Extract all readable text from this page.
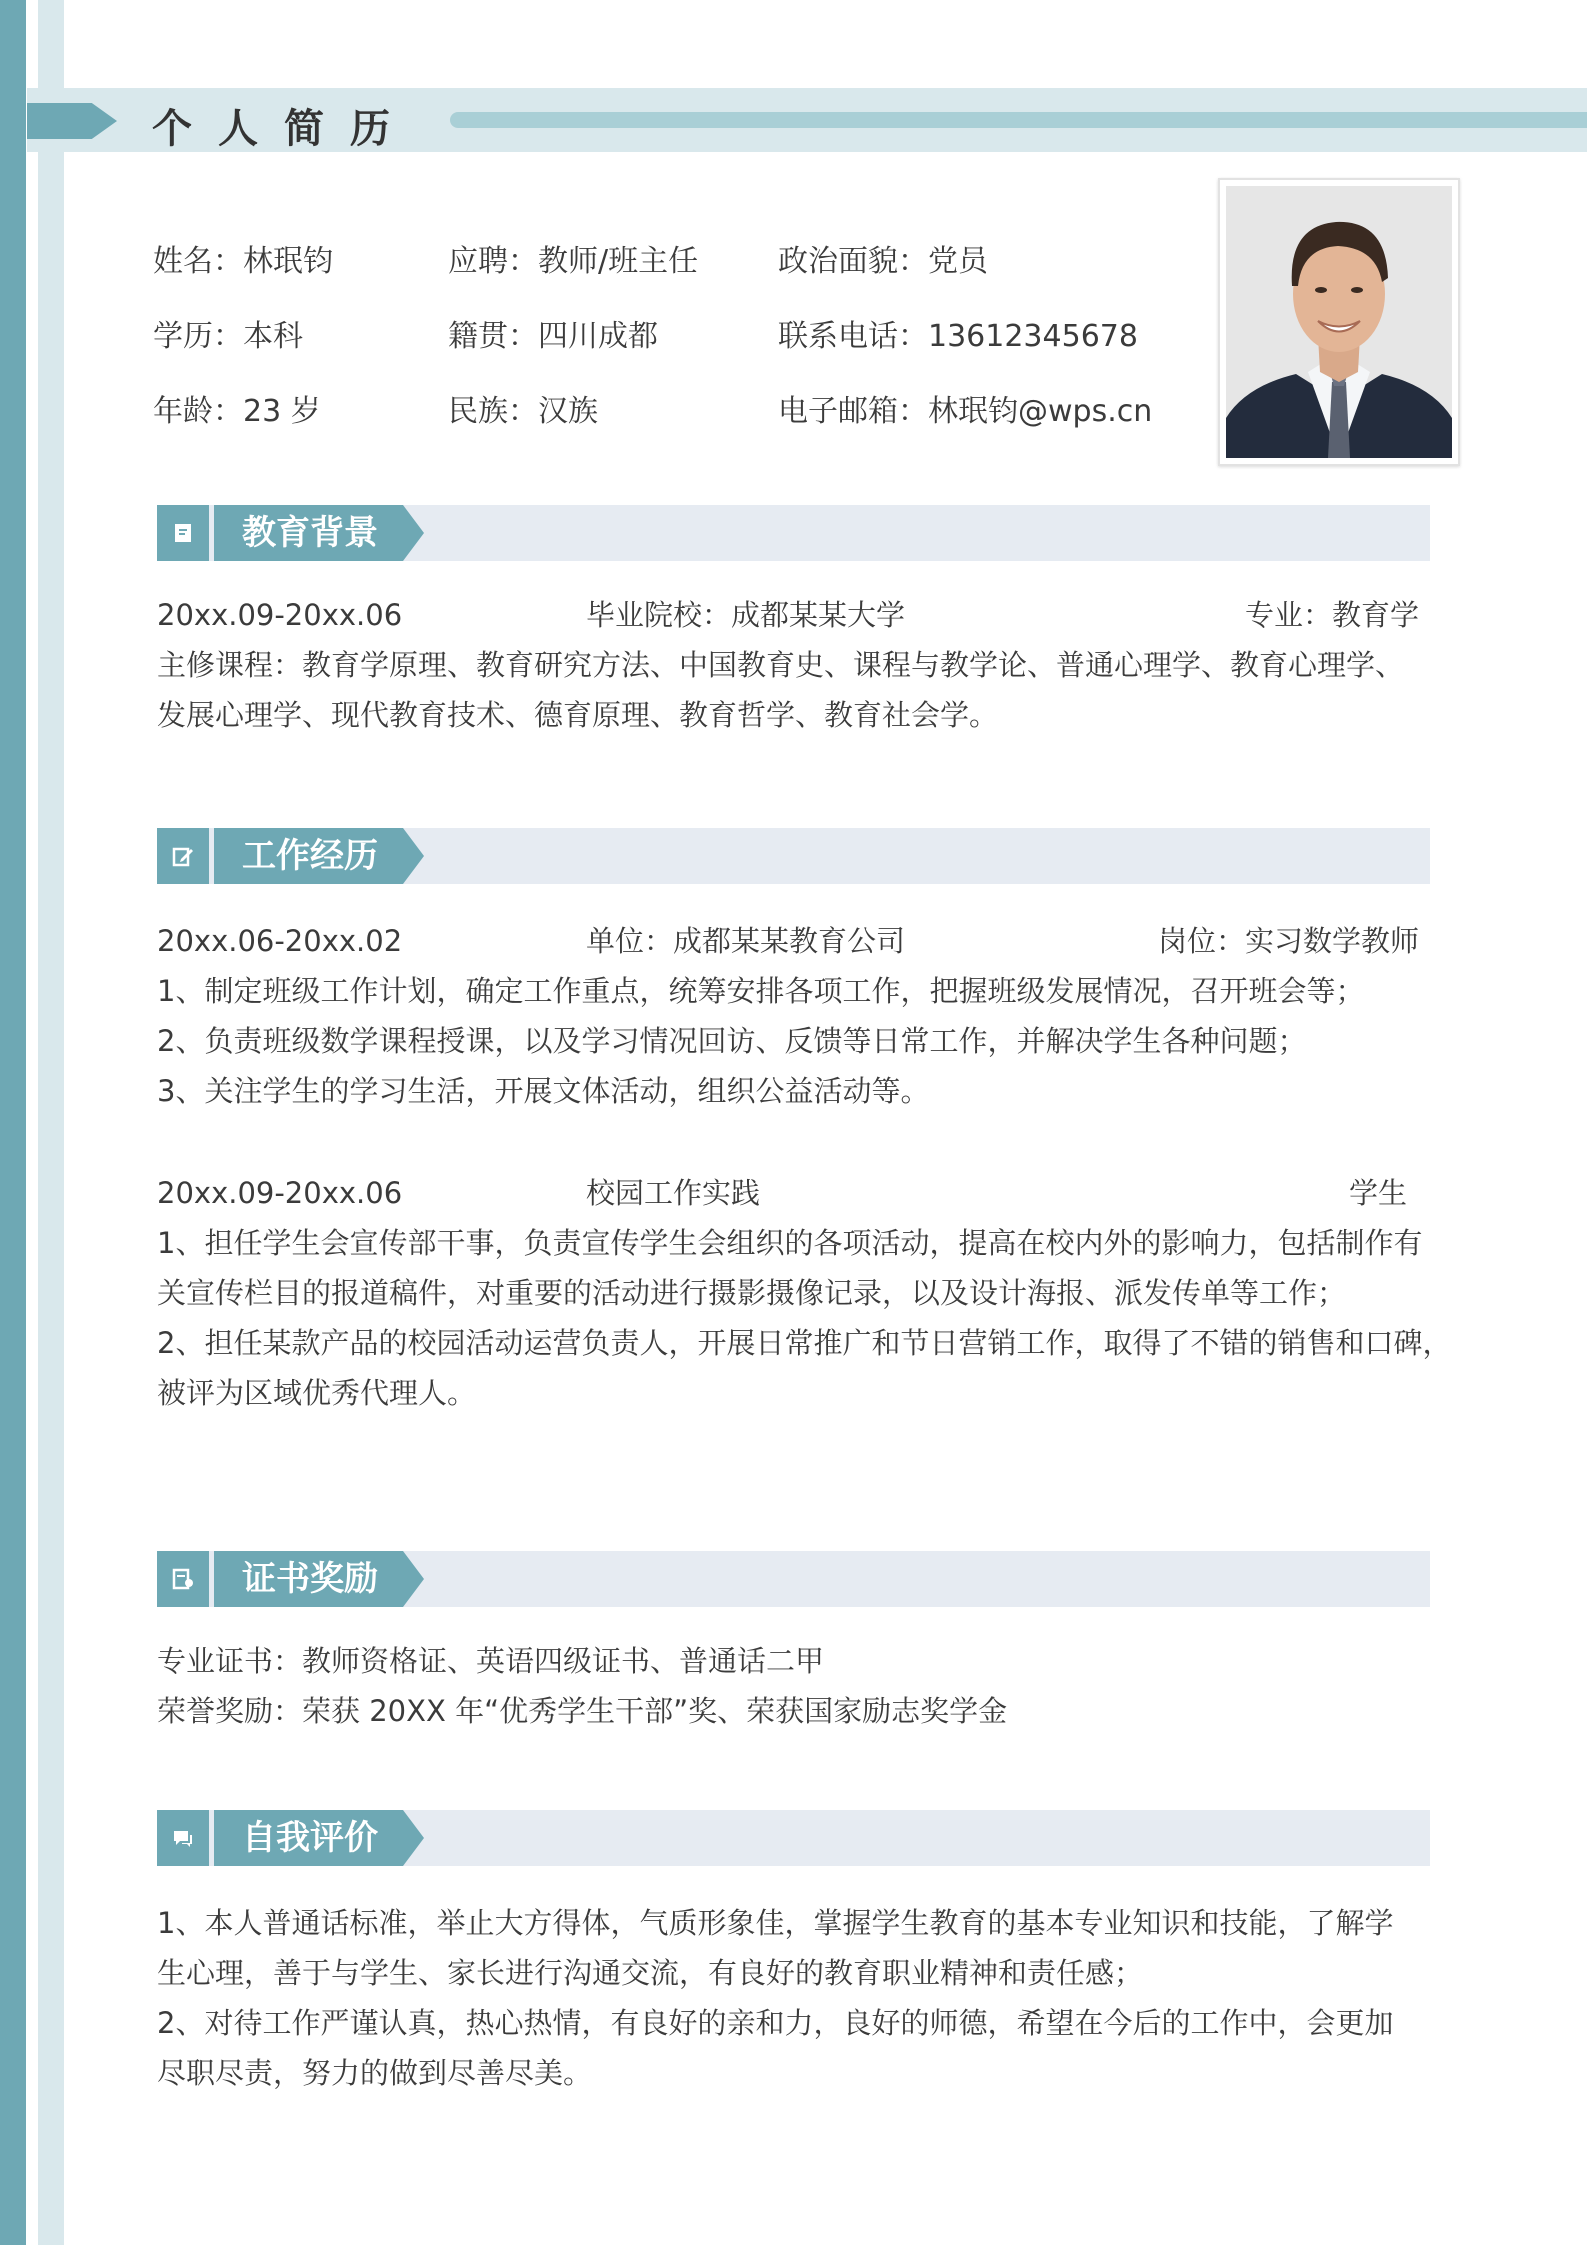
个人简历
姓名：林珉钧	应聘：教师/班主任	政治面貌：党员
学历：本科	籍贯：四川成都	联系电话：13612345678
年龄：23 岁	民族：汉族	电子邮箱：林珉钧@wps.cn
教育背景
20xx.09-20xx.06	毕业院校：成都某某大学	专业：教育学
主修课程：教育学原理、教育研究方法、中国教育史、课程与教学论、普通心理学、教育心理学、
发展心理学、现代教育技术、德育原理、教育哲学、教育社会学。
工作经历
20xx.06-20xx.02	单位：成都某某教育公司	岗位：实习数学教师
1、制定班级工作计划，确定工作重点，统筹安排各项工作，把握班级发展情况，召开班会等；
2、负责班级数学课程授课，以及学习情况回访、反馈等日常工作，并解决学生各种问题；
3、关注学生的学习生活，开展文体活动，组织公益活动等。
20xx.09-20xx.06	校园工作实践	学生
1、担任学生会宣传部干事，负责宣传学生会组织的各项活动，提高在校内外的影响力，包括制作有
关宣传栏目的报道稿件，对重要的活动进行摄影摄像记录，以及设计海报、派发传单等工作；
2、担任某款产品的校园活动运营负责人，开展日常推广和节日营销工作，取得了不错的销售和口碑，
被评为区域优秀代理人。
证书奖励
专业证书：教师资格证、英语四级证书、普通话二甲
荣誉奖励：荣获 20XX 年“优秀学生干部”奖、荣获国家励志奖学金
自我评价
1、本人普通话标准，举止大方得体，气质形象佳，掌握学生教育的基本专业知识和技能，了解学
生心理，善于与学生、家长进行沟通交流，有良好的教育职业精神和责任感；
2、对待工作严谨认真，热心热情，有良好的亲和力，良好的师德，希望在今后的工作中，会更加
尽职尽责，努力的做到尽善尽美。
